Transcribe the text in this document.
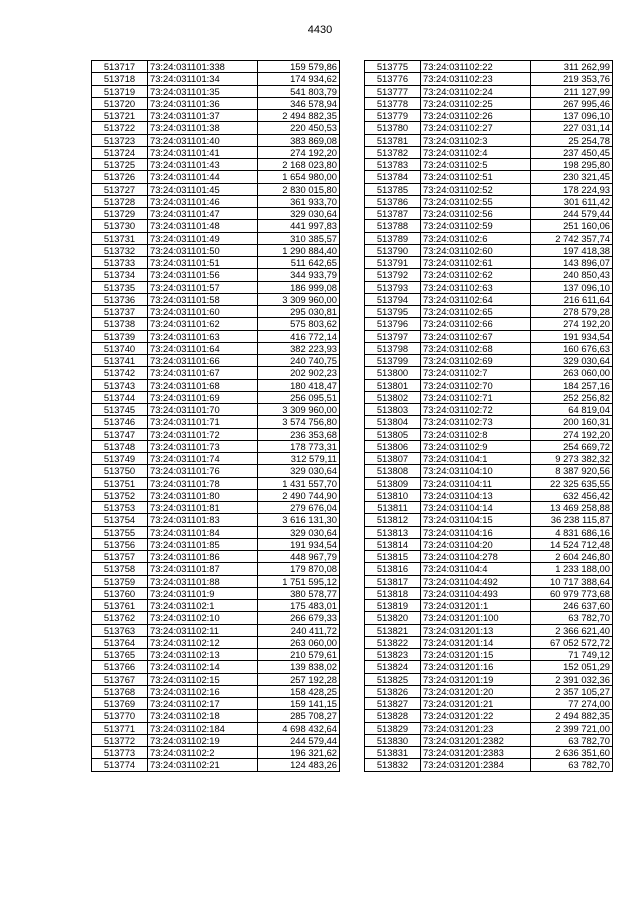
4430
513717	73:24:031101:338	159 579,86
513718	73:24:031101:34	174 934,62
513719	73:24:031101:35	541 803,79
513720	73:24:031101:36	346 578,94
513721	73:24:031101:37	2 494 882,35
513722	73:24:031101:38	220 450,53
513723	73:24:031101:40	383 869,08
513724	73:24:031101:41	274 192,20
513725	73:24:031101:43	2 168 023,80
513726	73:24:031101:44	1 654 980,00
513727	73:24:031101:45	2 830 015,80
513728	73:24:031101:46	361 933,70
513729	73:24:031101:47	329 030,64
513730	73:24:031101:48	441 997,83
513731	73:24:031101:49	310 385,57
513732	73:24:031101:50	1 290 884,40
513733	73:24:031101:51	511 642,65
513734	73:24:031101:56	344 933,79
513735	73:24:031101:57	186 999,08
513736	73:24:031101:58	3 309 960,00
513737	73:24:031101:60	295 030,81
513738	73:24:031101:62	575 803,62
513739	73:24:031101:63	416 772,14
513740	73:24:031101:64	382 223,93
513741	73:24:031101:66	240 740,75
513742	73:24:031101:67	202 902,23
513743	73:24:031101:68	180 418,47
513744	73:24:031101:69	256 095,51
513745	73:24:031101:70	3 309 960,00
513746	73:24:031101:71	3 574 756,80
513747	73:24:031101:72	236 353,68
513748	73:24:031101:73	178 773,31
513749	73:24:031101:74	312 579,11
513750	73:24:031101:76	329 030,64
513751	73:24:031101:78	1 431 557,70
513752	73:24:031101:80	2 490 744,90
513753	73:24:031101:81	279 676,04
513754	73:24:031101:83	3 616 131,30
513755	73:24:031101:84	329 030,64
513756	73:24:031101:85	191 934,54
513757	73:24:031101:86	448 967,79
513758	73:24:031101:87	179 870,08
513759	73:24:031101:88	1 751 595,12
513760	73:24:031101:9	380 578,77
513761	73:24:031102:1	175 483,01
513762	73:24:031102:10	266 679,33
513763	73:24:031102:11	240 411,72
513764	73:24:031102:12	263 060,00
513765	73:24:031102:13	210 579,61
513766	73:24:031102:14	139 838,02
513767	73:24:031102:15	257 192,28
513768	73:24:031102:16	158 428,25
513769	73:24:031102:17	159 141,15
513770	73:24:031102:18	285 708,27
513771	73:24:031102:184	4 698 432,64
513772	73:24:031102:19	244 579,44
513773	73:24:031102:2	196 321,62
513774	73:24:031102:21	124 483,26
513775	73:24:031102:22	311 262,99
513776	73:24:031102:23	219 353,76
513777	73:24:031102:24	211 127,99
513778	73:24:031102:25	267 995,46
513779	73:24:031102:26	137 096,10
513780	73:24:031102:27	227 031,14
513781	73:24:031102:3	25 254,78
513782	73:24:031102:4	237 450,45
513783	73:24:031102:5	198 295,80
513784	73:24:031102:51	230 321,45
513785	73:24:031102:52	178 224,93
513786	73:24:031102:55	301 611,42
513787	73:24:031102:56	244 579,44
513788	73:24:031102:59	251 160,06
513789	73:24:031102:6	2 742 357,74
513790	73:24:031102:60	197 418,38
513791	73:24:031102:61	143 896,07
513792	73:24:031102:62	240 850,43
513793	73:24:031102:63	137 096,10
513794	73:24:031102:64	216 611,64
513795	73:24:031102:65	278 579,28
513796	73:24:031102:66	274 192,20
513797	73:24:031102:67	191 934,54
513798	73:24:031102:68	160 676,63
513799	73:24:031102:69	329 030,64
513800	73:24:031102:7	263 060,00
513801	73:24:031102:70	184 257,16
513802	73:24:031102:71	252 256,82
513803	73:24:031102:72	64 819,04
513804	73:24:031102:73	200 160,31
513805	73:24:031102:8	274 192,20
513806	73:24:031102:9	254 669,72
513807	73:24:031104:1	9 273 382,32
513808	73:24:031104:10	8 387 920,56
513809	73:24:031104:11	22 325 635,55
513810	73:24:031104:13	632 456,42
513811	73:24:031104:14	13 469 258,88
513812	73:24:031104:15	36 238 115,87
513813	73:24:031104:16	4 831 686,16
513814	73:24:031104:20	14 524 712,48
513815	73:24:031104:278	2 604 246,80
513816	73:24:031104:4	1 233 188,00
513817	73:24:031104:492	10 717 388,64
513818	73:24:031104:493	60 979 773,68
513819	73:24:031201:1	246 637,60
513820	73:24:031201:100	63 782,70
513821	73:24:031201:13	2 366 621,40
513822	73:24:031201:14	67 052 572,72
513823	73:24:031201:15	71 749,12
513824	73:24:031201:16	152 051,29
513825	73:24:031201:19	2 391 032,36
513826	73:24:031201:20	2 357 105,27
513827	73:24:031201:21	77 274,00
513828	73:24:031201:22	2 494 882,35
513829	73:24:031201:23	2 399 721,00
513830	73:24:031201:2382	63 782,70
513831	73:24:031201:2383	2 636 351,60
513832	73:24:031201:2384	63 782,70
